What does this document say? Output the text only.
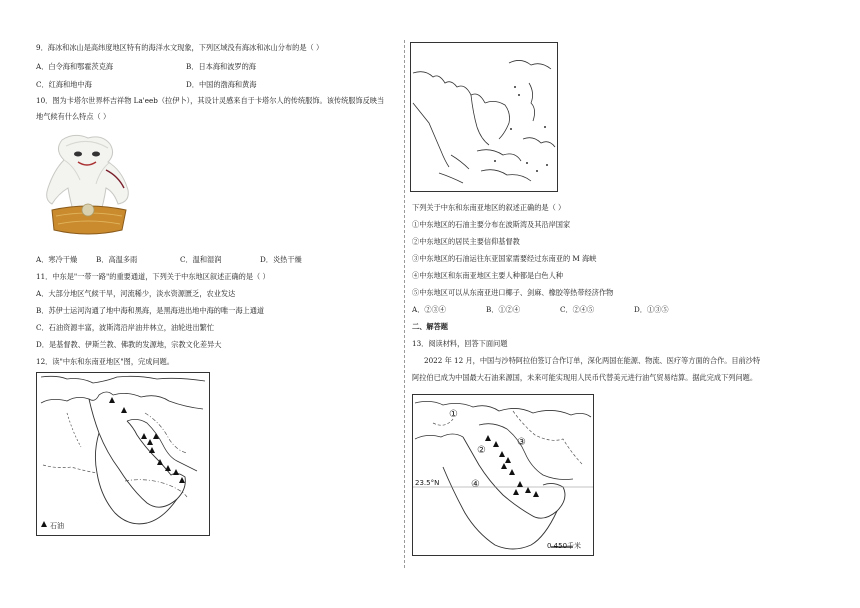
9．海冰和冰山是高纬度地区特有的海洋水文现象，下列区域没有海冰和冰山分布的是（ ）
A．白令海和鄂霍茨克海	B．日本海和波罗的海
C．红海和地中海	D．中国的渤海和黄海
10．图为卡塔尔世界杯吉祥物 La'eeb（拉伊卜），其设计灵感来自于卡塔尔人的传统服饰。该传统服饰反映当
地气候有什么特点（ ）
A．寒冷干燥	B．高温多雨	C．温和湿润	D．炎热干燥
11．中东是"一带一路"的重要通道，下列关于中东地区叙述正确的是（ ）
A．大部分地区气候干旱，河流稀少，淡水资源匮乏，农业发达
B．苏伊士运河沟通了地中海和黑海，是黑海进出地中海的唯一海上通道
C．石油资源丰富，波斯湾沿岸油井林立，油轮进出繁忙
D．是基督教、伊斯兰教、佛教的发源地，宗教文化差异大
12．读"中东和东南亚地区"图，完成问题。
石油
下列关于中东和东南亚地区的叙述正确的是（ ）
①中东地区的石油主要分布在波斯湾及其沿岸国家
②中东地区的居民主要信仰基督教
③中东地区的石油运往东亚国家需要经过东南亚的 M 海峡
④中东地区和东南亚地区主要人种都是白色人种
⑤中东地区可以从东南亚进口椰子、剑麻、橡胶等热带经济作物
A．②③④	B．①②④	C．②④⑤	D．①③⑤
二、解答题
13．阅读材料，回答下面问题
2022 年 12 月，中国与沙特阿拉伯签订合作订单，深化两国在能源、物流、医疗等方面的合作。目前沙特
阿拉伯已成为中国最大石油来源国，未来可能实现用人民币代替美元进行油气贸易结算。据此完成下列问题。
①
②
③
④
23.5°N
0 450千米
